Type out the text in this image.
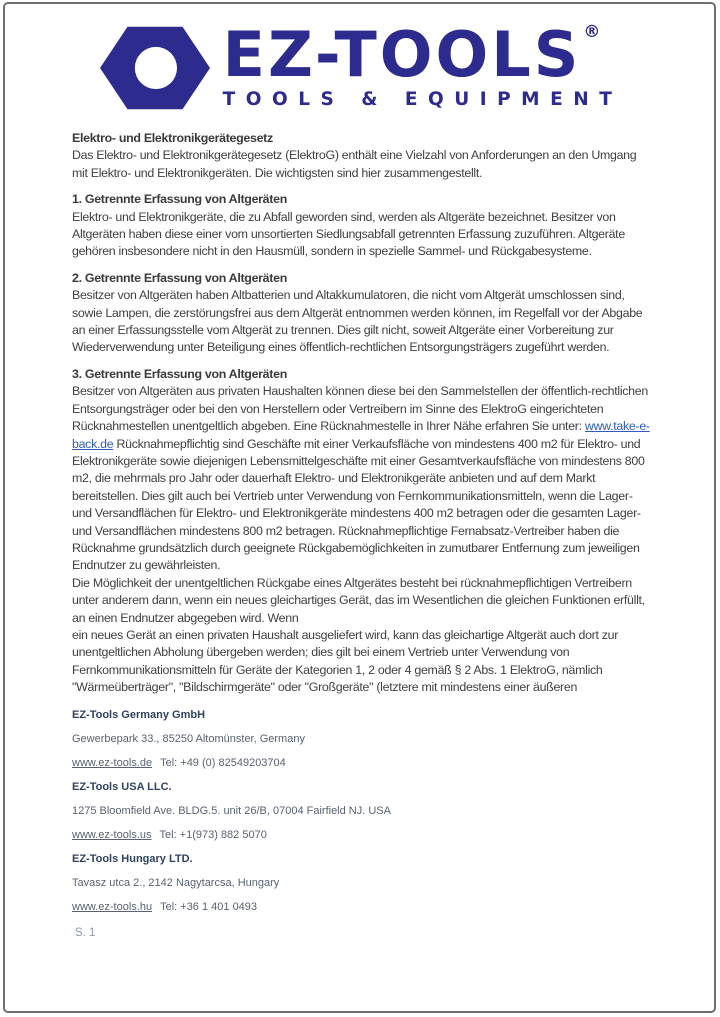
EZ-TOOLS ®
TOOLS & EQUIPMENT
Elektro- und Elektronikgerätegesetz

Das Elektro- und Elektronikgerätegesetz (ElektroG) enthält eine Vielzahl von Anforderungen an den Umgang mit Elektro- und Elektronikgeräten. Die wichtigsten sind hier zusammengestellt.

1. Getrennte Erfassung von Altgeräten

Elektro- und Elektronikgeräte, die zu Abfall geworden sind, werden als Altgeräte bezeichnet. Besitzer von Altgeräten haben diese einer vom unsortierten Siedlungsabfall getrennten Erfassung zuzuführen. Altgeräte gehören insbesondere nicht in den Hausmüll, sondern in spezielle Sammel- und Rückgabesysteme.

2. Getrennte Erfassung von Altgeräten

Besitzer von Altgeräten haben Altbatterien und Altakkumulatoren, die nicht vom Altgerät umschlossen sind, sowie Lampen, die zerstörungsfrei aus dem Altgerät entnommen werden können, im Regelfall vor der Abgabe an einer Erfassungsstelle vom Altgerät zu trennen. Dies gilt nicht, soweit Altgeräte einer Vorbereitung zur Wiederverwendung unter Beteiligung eines öffentlich-rechtlichen Entsorgungsträgers zugeführt werden.

3. Getrennte Erfassung von Altgeräten

Besitzer von Altgeräten aus privaten Haushalten können diese bei den Sammelstellen der öffentlich-rechtlichen Entsorgungsträger oder bei den von Herstellern oder Vertreibern im Sinne des ElektroG eingerichteten Rücknahmestellen unentgeltlich abgeben. Eine Rücknahmestelle in Ihrer Nähe erfahren Sie unter: www.take-e-back.de Rücknahmepflichtig sind Geschäfte mit einer Verkaufsfläche von mindestens 400 m2 für Elektro- und Elektronikgeräte sowie diejenigen Lebensmittelgeschäfte mit einer Gesamtverkaufsfläche von mindestens 800 m2, die mehrmals pro Jahr oder dauerhaft Elektro- und Elektronikgeräte anbieten und auf dem Markt bereitstellen. Dies gilt auch bei Vertrieb unter Verwendung von Fernkommunikationsmitteln, wenn die Lager- und Versandflächen für Elektro- und Elektronikgeräte mindestens 400 m2 betragen oder die gesamten Lager- und Versandflächen mindestens 800 m2 betragen. Rücknahmepflichtige Fernabsatz-Vertreiber haben die Rücknahme grundsätzlich durch geeignete Rückgabemöglichkeiten in zumutbarer Entfernung zum jeweiligen Endnutzer zu gewährleisten.

Die Möglichkeit der unentgeltlichen Rückgabe eines Altgerätes besteht bei rücknahmepflichtigen Vertreibern unter anderem dann, wenn ein neues gleichartiges Gerät, das im Wesentlichen die gleichen Funktionen erfüllt, an einen Endnutzer abgegeben wird. Wenn

ein neues Gerät an einen privaten Haushalt ausgeliefert wird, kann das gleichartige Altgerät auch dort zur unentgeltlichen Abholung übergeben werden; dies gilt bei einem Vertrieb unter Verwendung von Fernkommunikationsmitteln für Geräte der Kategorien 1, 2 oder 4 gemäß § 2 Abs. 1 ElektroG, nämlich "Wärmeüberträger", "Bildschirmgeräte" oder "Großgeräte" (letztere mit mindestens einer äußeren

EZ-Tools Germany GmbH
Gewerbepark 33., 85250 Altomünster, Germany
www.ez-tools.de Tel: +49 (0) 82549203704
EZ-Tools USA LLC.
1275 Bloomfield Ave. BLDG.5. unit 26/B, 07004 Fairfield NJ. USA
www.ez-tools.us Tel: +1(973) 882 5070
EZ-Tools Hungary LTD.
Tavasz utca 2., 2142 Nagytarcsa, Hungary
www.ez-tools.hu Tel: +36 1 401 0493
S. 1
